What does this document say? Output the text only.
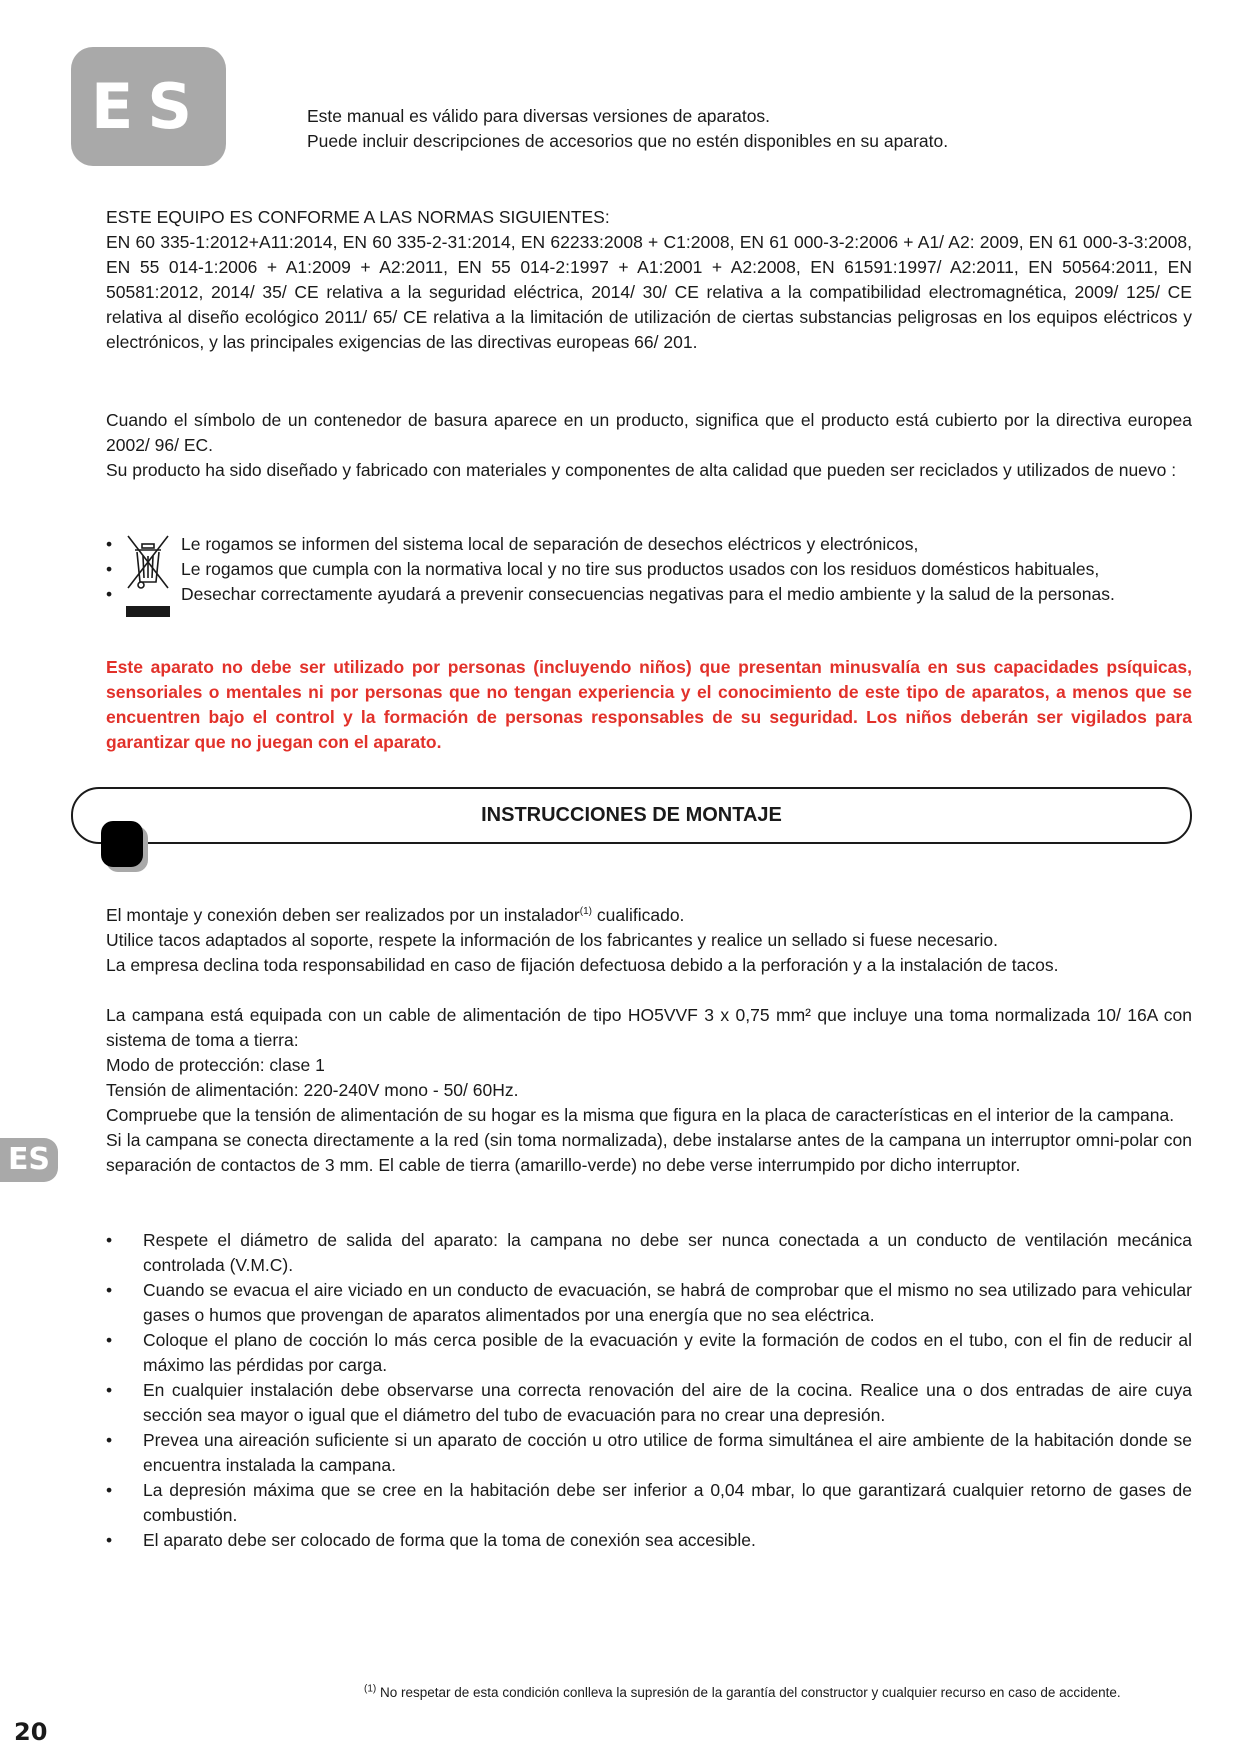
ES	Este manual es válido para diversas versiones de aparatos.
Puede incluir descripciones de accesorios que no estén disponibles en su aparato.
ESTE EQUIPO ES CONFORME A LAS NORMAS SIGUIENTES:
EN 60 335-1:2012+A11:2014, EN 60 335-2-31:2014, EN 62233:2008 + C1:2008, EN 61 000-3-2:2006 + A1/ A2: 2009, EN 61 000-3-3:2008, EN 55 014-1:2006 + A1:2009 + A2:2011, EN 55 014-2:1997 + A1:2001 + A2:2008, EN 61591:1997/ A2:2011, EN 50564:2011, EN 50581:2012, 2014/ 35/ CE relativa a la seguridad eléctrica, 2014/ 30/ CE relativa a la compatibilidad electromagnética, 2009/ 125/ CE relativa al diseño ecológico 2011/ 65/ CE relativa a la limitación de utilización de ciertas substancias peligrosas en los equipos eléctricos y electrónicos, y las principales exigencias de las directivas europeas 66/ 201.
Cuando el símbolo de un contenedor de basura aparece en un producto, significa que el producto está cubierto por la directiva europea 2002/ 96/ EC.
Su producto ha sido diseñado y fabricado con materiales y componentes de alta calidad que pueden ser reciclados y utilizados de nuevo :
•	Le rogamos se informen del sistema local de separación de desechos eléctricos y electrónicos,
•	Le rogamos que cumpla con la normativa local y no tire sus productos usados con los residuos domésticos habituales,
•	Desechar correctamente ayudará a prevenir consecuencias negativas para el medio ambiente y la salud de la personas.
Este aparato no debe ser utilizado por personas (incluyendo niños) que presentan minusvalía en sus capacidades psíquicas, sensoriales o mentales ni por personas que no tengan experiencia y el conocimiento de este tipo de aparatos, a menos que se encuentren bajo el control y la formación de personas responsables de su seguridad. Los niños deberán ser vigilados para garantizar que no juegan con el aparato.
INSTRUCCIONES DE MONTAJE
El montaje y conexión deben ser realizados por un instalador$^{(1)}$ cualificado.
Utilice tacos adaptados al soporte, respete la información de los fabricantes y realice un sellado si fuese necesario.
La empresa declina toda responsabilidad en caso de fijación defectuosa debido a la perforación y a la instalación de tacos.
La campana está equipada con un cable de alimentación de tipo HO5VVF 3 x 0,75 mm² que incluye una toma normalizada 10/ 16A con sistema de toma a tierra:
Modo de protección: clase 1
Tensión de alimentación: 220-240V mono - 50/ 60Hz.
Compruebe que la tensión de alimentación de su hogar es la misma que figura en la placa de características en el interior de la campana.
Si la campana se conecta directamente a la red (sin toma normalizada), debe instalarse antes de la campana un interruptor omni-polar con separación de contactos de 3 mm. El cable de tierra (amarillo-verde) no debe verse interrumpido por dicho interruptor.
•	Respete el diámetro de salida del aparato: la campana no debe ser nunca conectada a un conducto de ventilación mecánica controlada (V.M.C).
•	Cuando se evacua el aire viciado en un conducto de evacuación, se habrá de comprobar que el mismo no sea utilizado para vehicular gases o humos que provengan de aparatos alimentados por una energía que no sea eléctrica.
•	Coloque el plano de cocción lo más cerca posible de la evacuación y evite la formación de codos en el tubo, con el fin de reducir al máximo las pérdidas por carga.
•	En cualquier instalación debe observarse una correcta renovación del aire de la cocina. Realice una o dos entradas de aire cuya sección sea mayor o igual que el diámetro del tubo de evacuación para no crear una depresión.
•	Prevea una aireación suficiente si un aparato de cocción u otro utilice de forma simultánea el aire ambiente de la habitación donde se encuentra instalada la campana.
•	La depresión máxima que se cree en la habitación debe ser inferior a 0,04 mbar, lo que garantizará cualquier retorno de gases de combustión.
•	El aparato debe ser colocado de forma que la toma de conexión sea accesible.
ES
$^{(1)}$ No respetar de esta condición conlleva la supresión de la garantía del constructor y cualquier recurso en caso de accidente.
20
